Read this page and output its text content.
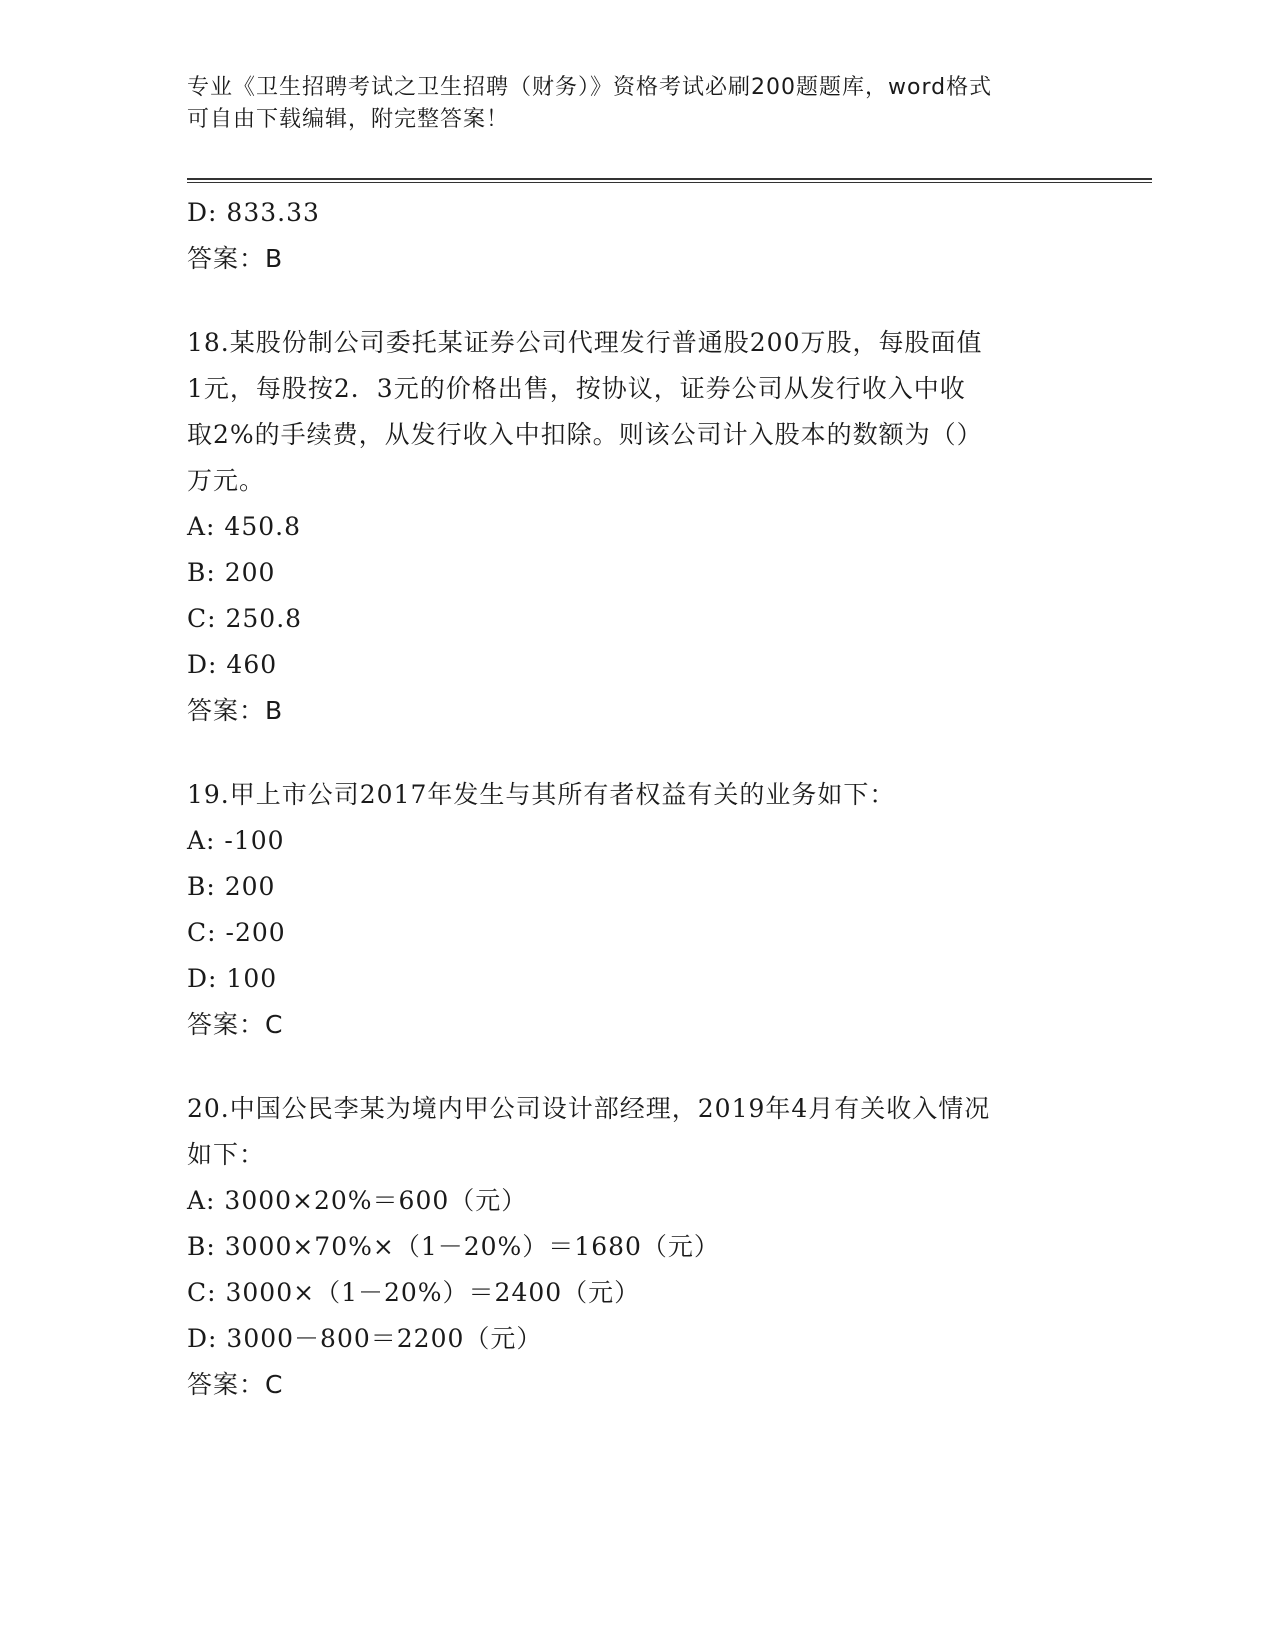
专业《卫生招聘考试之卫生招聘（财务）》资格考试必刷200题题库，word格式
可自由下载编辑，附完整答案！
D: 833.33
答案：B
18.某股份制公司委托某证券公司代理发行普通股200万股，每股面值
1元，每股按2．3元的价格出售，按协议，证券公司从发行收入中收
取2%的手续费，从发行收入中扣除。则该公司计入股本的数额为（）
万元。
A: 450.8
B: 200
C: 250.8
D: 460
答案：B
19.甲上市公司2017年发生与其所有者权益有关的业务如下：
A: -100
B: 200
C: -200
D: 100
答案：C
20.中国公民李某为境内甲公司设计部经理，2019年4月有关收入情况
如下：
A: 3000×20%＝600（元）
B: 3000×70%×（1－20%）＝1680（元）
C: 3000×（1－20%）＝2400（元）
D: 3000－800＝2200（元）
答案：C
